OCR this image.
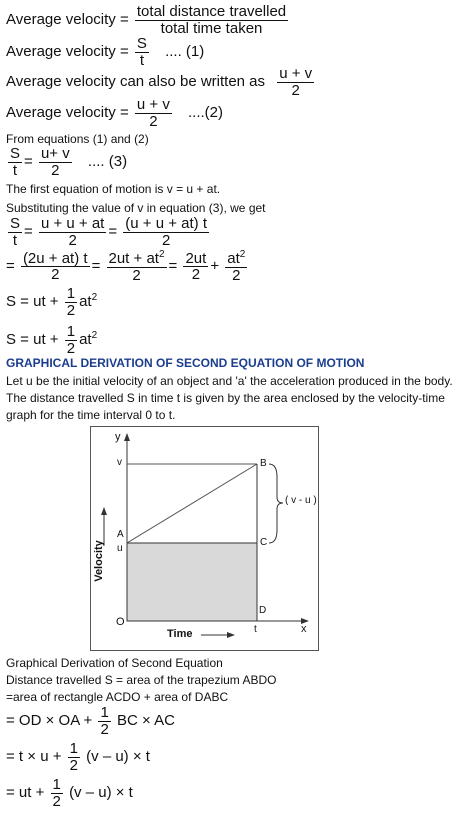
Average velocity = $\frac{\text{total distance travelled}}{\text{total time taken}}$
Average velocity = $\frac{S}{t}$ .... (1)
Average velocity can also be written as $\frac{u + v}{2}$
Average velocity = $\frac{u + v}{2} ....(2)$
From equations (1) and (2)
$\frac{S}{t} = \frac{u+ v}{2}$ .... (3)
The first equation of motion is v = u + at.
Substituting the value of v in equation (3), we get
$\frac{S}{t} = \frac{u + u + at}{2} = \frac{(u + u + at) t}{2}$
= $\frac{(2u + at) t}{2} = \frac{2ut + at^2}{2} = \frac{2ut}{2} + \frac{at^2}{2}$
S = ut + $\frac{1}{2} at^2$
S = ut + $\frac{1}{2} at^2$
GRAPHICAL DERIVATION OF SECOND EQUATION OF MOTION
Let u be the initial velocity of an object and 'a' the acceleration produced in the body. The distance travelled S in time t is given by the area enclosed by the velocity-time graph for the time interval 0 to t.
y
x
O
v
u
t
A
B
C
D
( v - u )
Velocity
Time
Graphical Derivation of Second Equation
Distance travelled S = area of the trapezium ABDO
=area of rectangle ACDO + area of DABC
= OD × OA + $\frac{1}{2}$ BC × AC
= $t \times u + \frac{1}{2} (v - u) \times t$
= ut + $\frac{1}{2} (v - u) \times t$
